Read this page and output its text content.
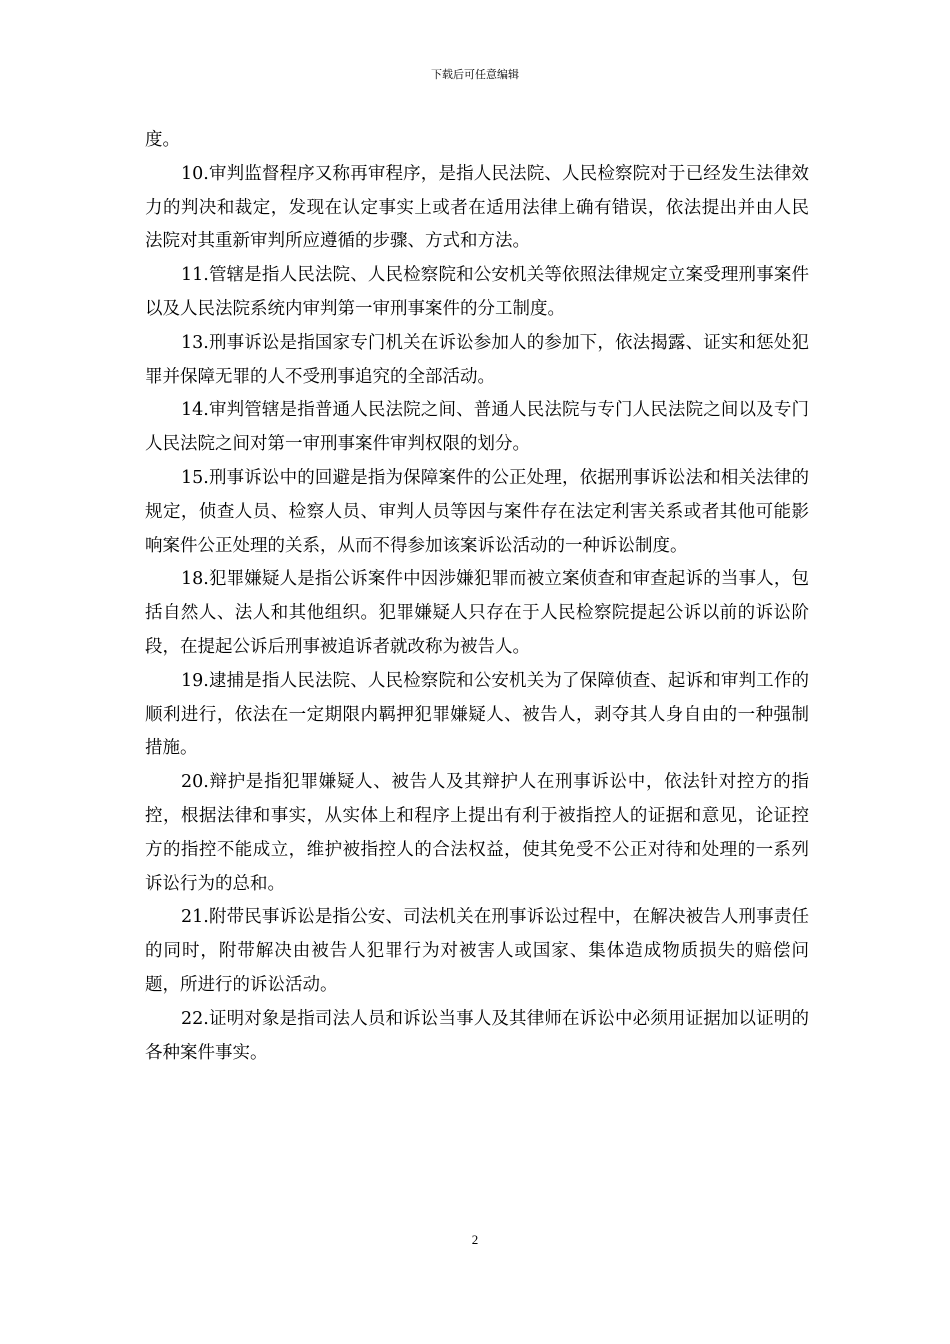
下载后可任意编辑

度。

10.审判监督程序又称再审程序，是指人民法院、人民检察院对于已经发生法律效力的判决和裁定，发现在认定事实上或者在适用法律上确有错误，依法提出并由人民法院对其重新审判所应遵循的步骤、方式和方法。

11.管辖是指人民法院、人民检察院和公安机关等依照法律规定立案受理刑事案件以及人民法院系统内审判第一审刑事案件的分工制度。

13.刑事诉讼是指国家专门机关在诉讼参加人的参加下，依法揭露、证实和惩处犯罪并保障无罪的人不受刑事追究的全部活动。

14.审判管辖是指普通人民法院之间、普通人民法院与专门人民法院之间以及专门人民法院之间对第一审刑事案件审判权限的划分。

15.刑事诉讼中的回避是指为保障案件的公正处理，依据刑事诉讼法和相关法律的规定，侦查人员、检察人员、审判人员等因与案件存在法定利害关系或者其他可能影响案件公正处理的关系，从而不得参加该案诉讼活动的一种诉讼制度。

18.犯罪嫌疑人是指公诉案件中因涉嫌犯罪而被立案侦查和审查起诉的当事人，包括自然人、法人和其他组织。犯罪嫌疑人只存在于人民检察院提起公诉以前的诉讼阶段，在提起公诉后刑事被追诉者就改称为被告人。

19.逮捕是指人民法院、人民检察院和公安机关为了保障侦查、起诉和审判工作的顺利进行，依法在一定期限内羁押犯罪嫌疑人、被告人，剥夺其人身自由的一种强制措施。

20.辩护是指犯罪嫌疑人、被告人及其辩护人在刑事诉讼中，依法针对控方的指控，根据法律和事实，从实体上和程序上提出有利于被指控人的证据和意见，论证控方的指控不能成立，维护被指控人的合法权益，使其免受不公正对待和处理的一系列诉讼行为的总和。

21.附带民事诉讼是指公安、司法机关在刑事诉讼过程中，在解决被告人刑事责任的同时，附带解决由被告人犯罪行为对被害人或国家、集体造成物质损失的赔偿问题，所进行的诉讼活动。

22.证明对象是指司法人员和诉讼当事人及其律师在诉讼中必须用证据加以证明的各种案件事实。

2
